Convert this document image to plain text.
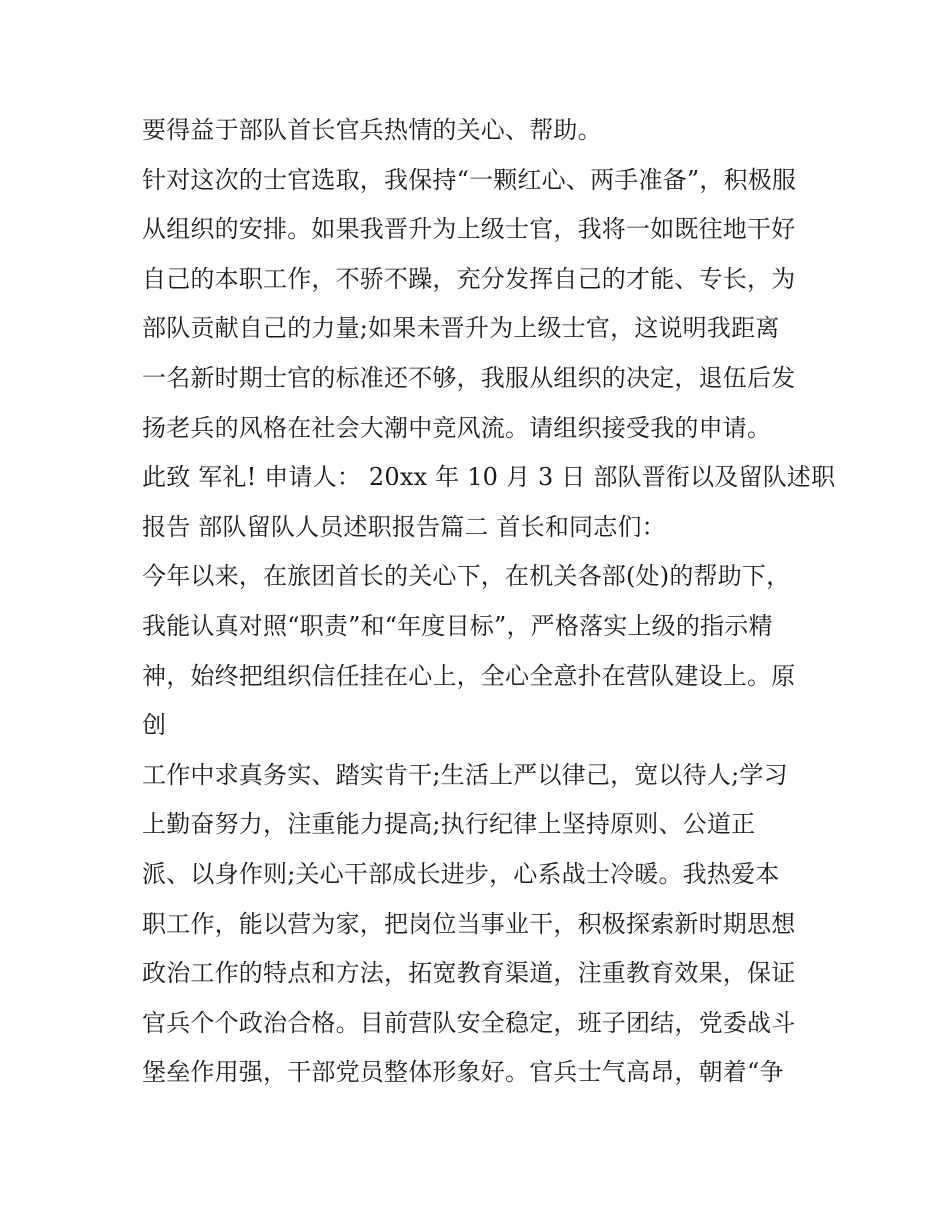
要得益于部队首长官兵热情的关心、帮助。
针对这次的士官选取，我保持“一颗红心、两手准备”，积极服
从组织的安排。如果我晋升为上级士官，我将一如既往地干好
自己的本职工作，不骄不躁，充分发挥自己的才能、专长，为
部队贡献自己的力量;如果未晋升为上级士官，这说明我距离
一名新时期士官的标准还不够，我服从组织的决定，退伍后发
扬老兵的风格在社会大潮中竞风流。请组织接受我的申请。
此致 军礼! 申请人： 20xx 年 10 月 3 日 部队晋衔以及留队述职
报告 部队留队人员述职报告篇二 首长和同志们：
今年以来，在旅团首长的关心下，在机关各部(处)的帮助下，
我能认真对照“职责”和“年度目标”，严格落实上级的指示精
神，始终把组织信任挂在心上，全心全意扑在营队建设上。原
创
工作中求真务实、踏实肯干;生活上严以律己，宽以待人;学习
上勤奋努力，注重能力提高;执行纪律上坚持原则、公道正
派、以身作则;关心干部成长进步，心系战士冷暖。我热爱本
职工作，能以营为家，把岗位当事业干，积极探索新时期思想
政治工作的特点和方法，拓宽教育渠道，注重教育效果，保证
官兵个个政治合格。目前营队安全稳定，班子团结，党委战斗
堡垒作用强，干部党员整体形象好。官兵士气高昂，朝着“争
